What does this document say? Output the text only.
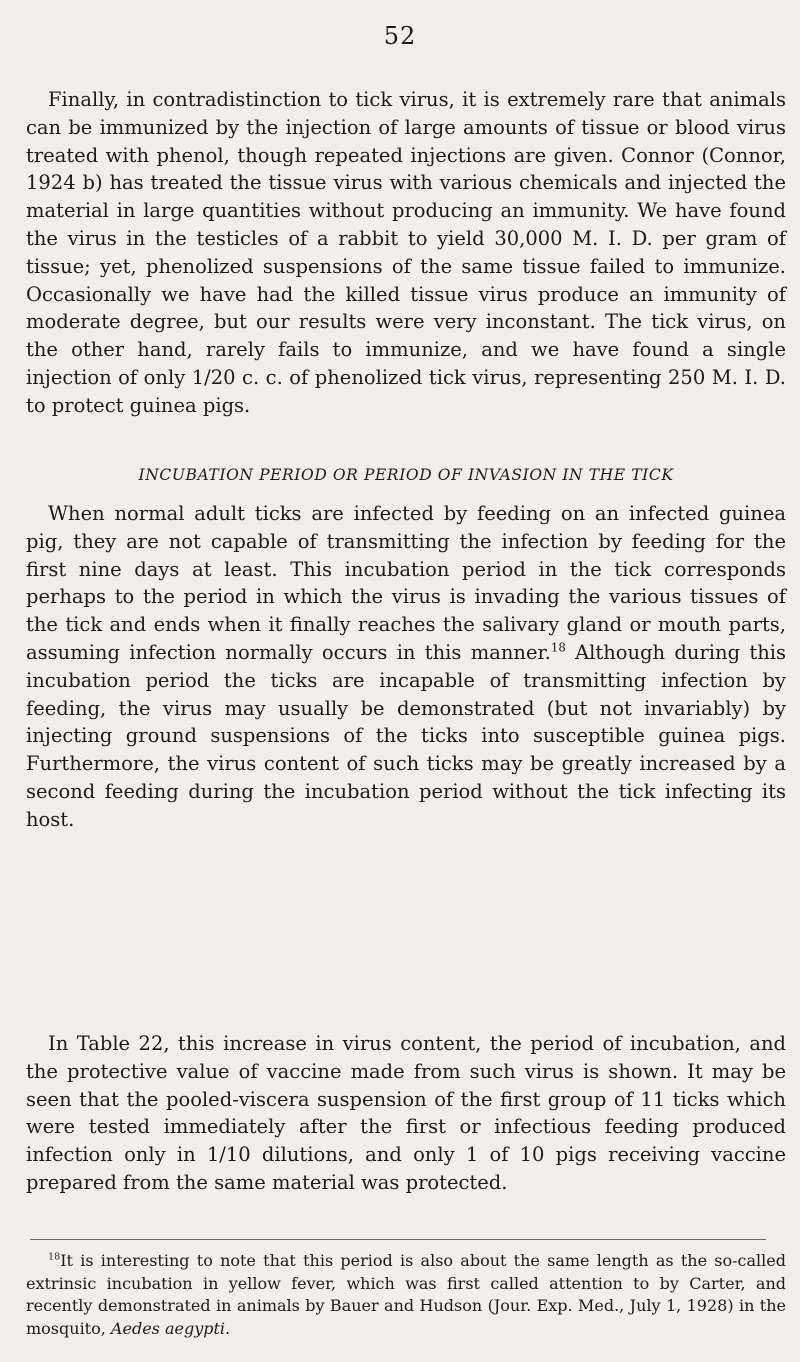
52

Finally, in contradistinction to tick virus, it is extremely rare that animals can be immunized by the injection of large amounts of tissue or blood virus treated with phenol, though repeated injections are given. Connor (Connor, 1924 b) has treated the tissue virus with various chemicals and injected the material in large quantities without producing an immunity. We have found the virus in the testicles of a rabbit to yield 30,000 M. I. D. per gram of tissue; yet, phenolized suspensions of the same tissue failed to immunize. Occasionally we have had the killed tissue virus produce an immunity of moderate degree, but our results were very inconstant. The tick virus, on the other hand, rarely fails to immunize, and we have found a single injection of only 1/20 c. c. of phenolized tick virus, representing 250 M. I. D. to protect guinea pigs.

INCUBATION PERIOD OR PERIOD OF INVASION IN THE TICK

When normal adult ticks are infected by feeding on an infected guinea pig, they are not capable of transmitting the infection by feeding for the first nine days at least. This incubation period in the tick corresponds perhaps to the period in which the virus is invading the various tissues of the tick and ends when it finally reaches the salivary gland or mouth parts, assuming infection normally occurs in this manner.$^{18}$ Although during this incubation period the ticks are incapable of transmitting infection by feeding, the virus may usually be demonstrated (but not invariably) by injecting ground suspensions of the ticks into susceptible guinea pigs. Furthermore, the virus content of such ticks may be greatly increased by a second feeding during the incubation period without the tick infecting its host.

In Table 22, this increase in virus content, the period of incubation, and the protective value of vaccine made from such virus is shown. It may be seen that the pooled-viscera suspension of the first group of 11 ticks which were tested immediately after the first or infectious feeding produced infection only in 1/10 dilutions, and only 1 of 10 pigs receiving vaccine prepared from the same material was protected.

$^{18}$It is interesting to note that this period is also about the same length as the so-called extrinsic incubation in yellow fever, which was first called attention to by Carter, and recently demonstrated in animals by Bauer and Hudson (Jour. Exp. Med., July 1, 1928) in the mosquito, Aedes aegypti.
